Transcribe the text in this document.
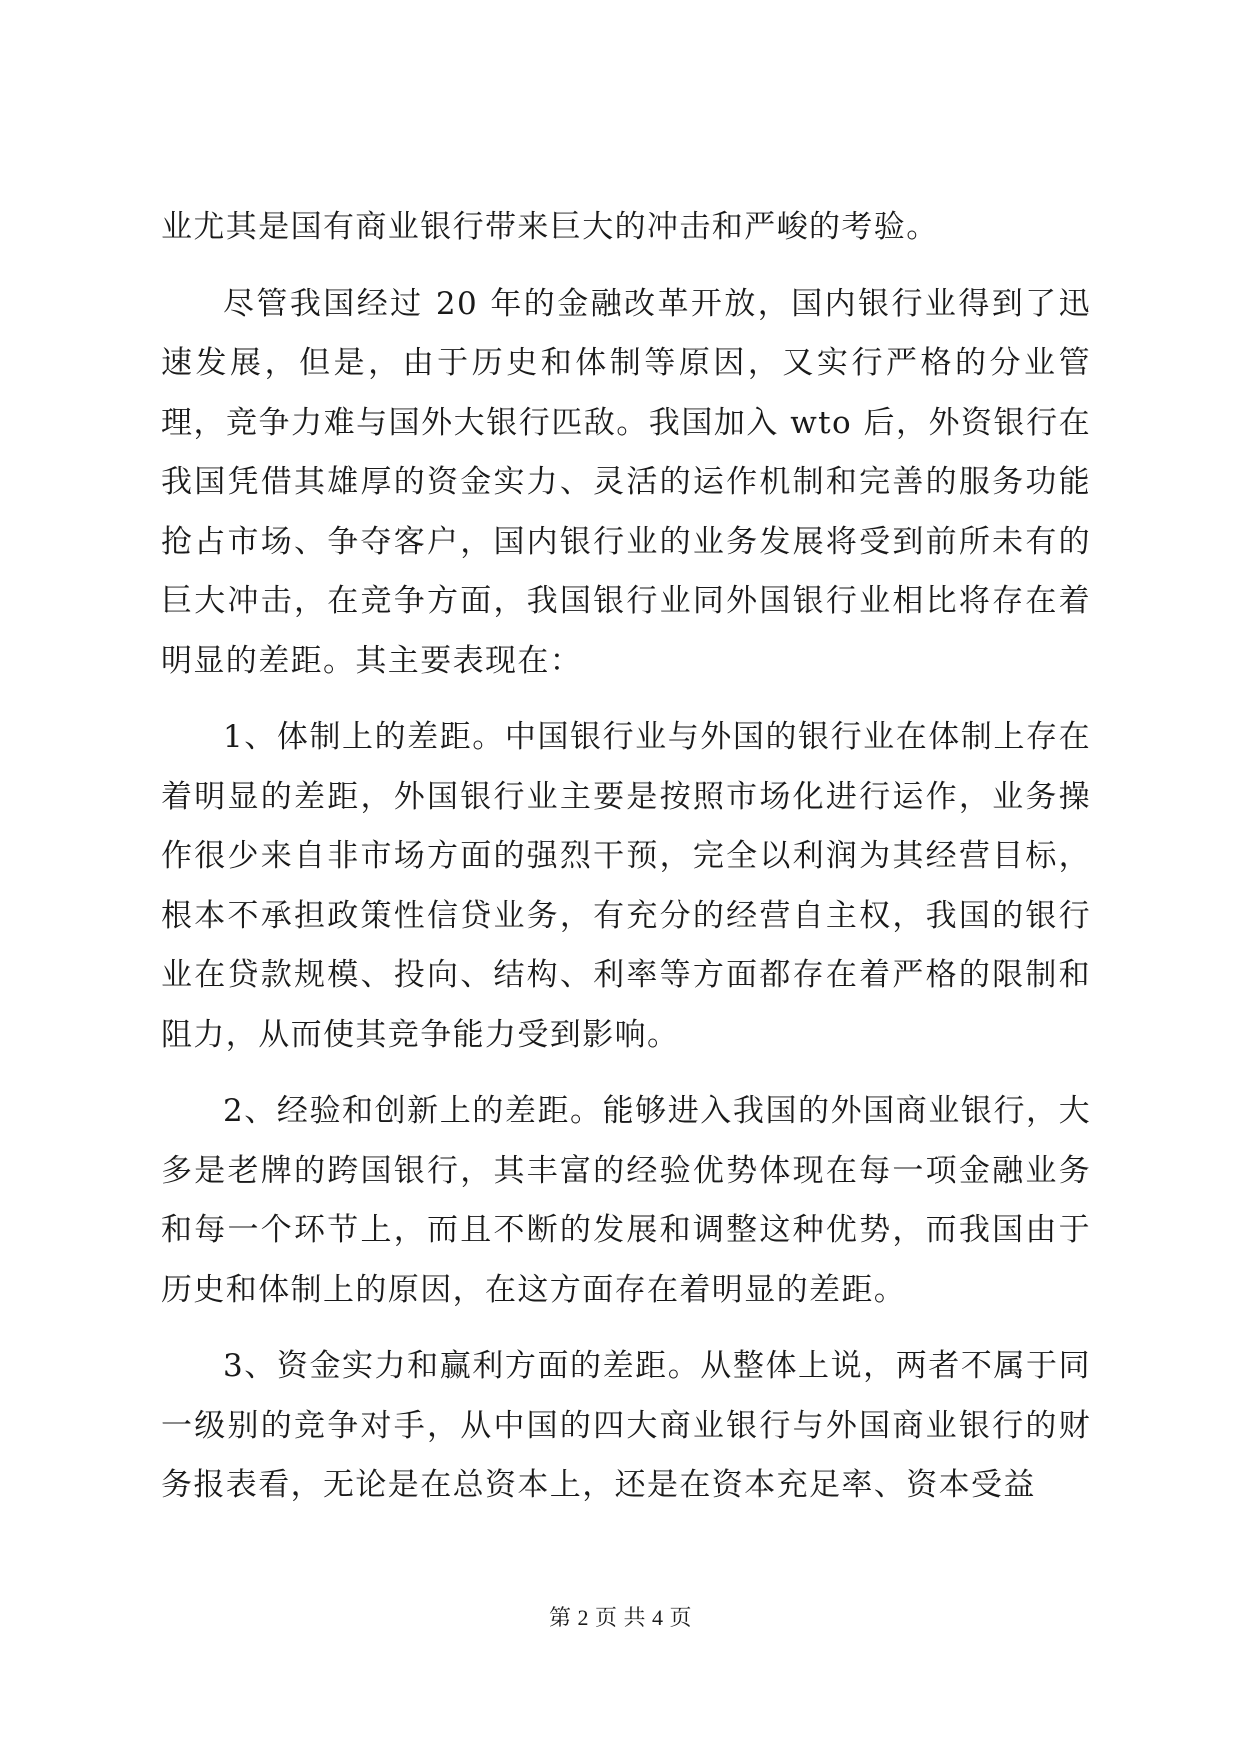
业尤其是国有商业银行带来巨大的冲击和严峻的考验。

尽管我国经过 20 年的金融改革开放，国内银行业得到了迅速发展，但是，由于历史和体制等原因，又实行严格的分业管理，竞争力难与国外大银行匹敌。我国加入 wto 后，外资银行在我国凭借其雄厚的资金实力、灵活的运作机制和完善的服务功能抢占市场、争夺客户，国内银行业的业务发展将受到前所未有的巨大冲击，在竞争方面，我国银行业同外国银行业相比将存在着明显的差距。其主要表现在：

1、体制上的差距。中国银行业与外国的银行业在体制上存在着明显的差距，外国银行业主要是按照市场化进行运作，业务操作很少来自非市场方面的强烈干预，完全以利润为其经营目标，根本不承担政策性信贷业务，有充分的经营自主权，我国的银行业在贷款规模、投向、结构、利率等方面都存在着严格的限制和阻力，从而使其竞争能力受到影响。

2、经验和创新上的差距。能够进入我国的外国商业银行，大多是老牌的跨国银行，其丰富的经验优势体现在每一项金融业务和每一个环节上，而且不断的发展和调整这种优势，而我国由于历史和体制上的原因，在这方面存在着明显的差距。

3、资金实力和赢利方面的差距。从整体上说，两者不属于同一级别的竞争对手，从中国的四大商业银行与外国商业银行的财务报表看，无论是在总资本上，还是在资本充足率、资本受益

第 2 页 共 4 页
